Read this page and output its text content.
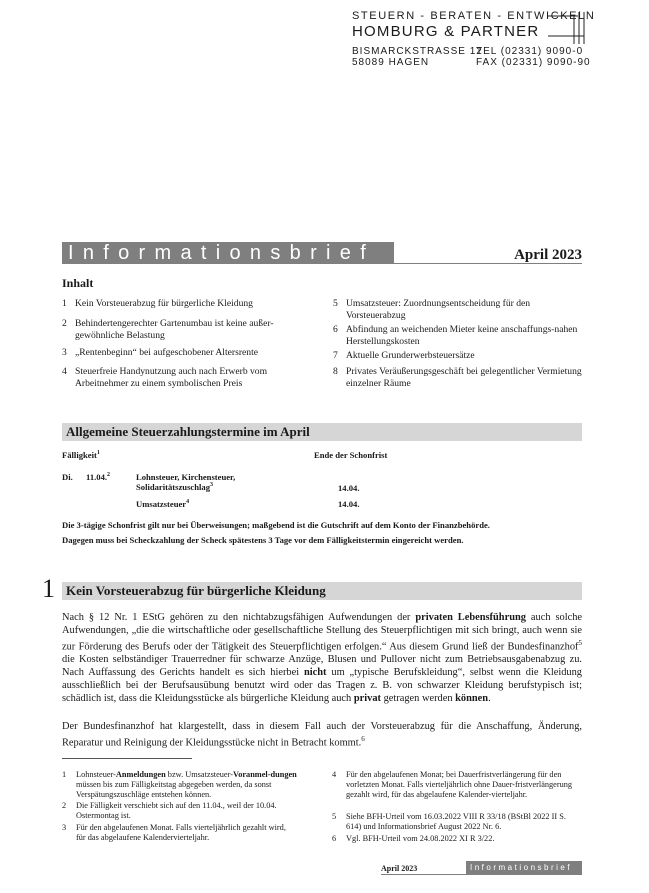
STEUERN - BERATEN - ENTWICKELN
HOMBURG & PARTNER
BISMARCKSTRASSE 12
58089 HAGEN
TEL (02331) 9090-0
FAX (02331) 9090-90
Informationsbrief	April 2023
Inhalt
1 Kein Vorsteuerabzug für bürgerliche Kleidung
2 Behindertengerechter Gartenumbau ist keine außer-gewöhnliche Belastung
3 „Rentenbeginn“ bei aufgeschobener Altersrente
4 Steuerfreie Handynutzung auch nach Erwerb vom Arbeitnehmer zu einem symbolischen Preis
5 Umsatzsteuer: Zuordnungsentscheidung für den Vorsteuerabzug
6 Abfindung an weichenden Mieter keine anschaffungs-nahen Herstellungskosten
7 Aktuelle Grunderwerbsteuersätze
8 Privates Veräußerungsgeschäft bei gelegentlicher Vermietung einzelner Räume
Allgemeine Steuerzahlungstermine im April
Fälligkeit$^1$	Ende der Schonfrist
Di. 11.04.$^2$	Lohnsteuer, Kirchensteuer,
Solidaritätszuschlag$^3$	14.04.
Umsatzsteuer$^4$	14.04.
Die 3-tägige Schonfrist gilt nur bei Überweisungen; maßgebend ist die Gutschrift auf dem Konto der Finanzbehörde.
Dagegen muss bei Scheckzahlung der Scheck spätestens 3 Tage vor dem Fälligkeitstermin eingereicht werden.
1 Kein Vorsteuerabzug für bürgerliche Kleidung
Nach § 12 Nr. 1 EStG gehören zu den nichtabzugsfähigen Aufwendungen der privaten Lebensführung auch solche Aufwendungen, „die die wirtschaftliche oder gesellschaftliche Stellung des Steuerpflichtigen mit sich bringt, auch wenn sie zur Förderung des Berufs oder der Tätigkeit des Steuerpflichtigen erfolgen.“ Aus diesem Grund ließ der Bundesfinanzhof$^5$ die Kosten selbständiger Trauerredner für schwarze Anzüge, Blusen und Pullover nicht zum Betriebsausgabenabzug zu. Nach Auffassung des Gerichts handelt es sich hierbei nicht um „typische Berufskleidung“, selbst wenn die Kleidung ausschließlich bei der Berufsausübung benutzt wird oder das Tragen z. B. von schwarzer Kleidung berufstypisch ist; schädlich ist, dass die Kleidungsstücke als bürgerliche Kleidung auch privat getragen werden können.
Der Bundesfinanzhof hat klargestellt, dass in diesem Fall auch der Vorsteuerabzug für die Anschaffung, Änderung, Reparatur und Reinigung der Kleidungsstücke nicht in Betracht kommt.$^6$
1	Lohnsteuer-Anmeldungen bzw. Umsatzsteuer-Voranmel-dungen müssen bis zum Fälligkeitstag abgegeben werden, da sonst Verspätungszuschläge entstehen können.
2	Die Fälligkeit verschiebt sich auf den 11.04., weil der 10.04. Ostermontag ist.
3	Für den abgelaufenen Monat. Falls vierteljährlich gezahlt wird, für das abgelaufene Kalendervierteljahr.
4	Für den abgelaufenen Monat; bei Dauerfristverlängerung für den vorletzten Monat. Falls vierteljährlich ohne Dauer-fristverlängerung gezahlt wird, für das abgelaufene Kalender-vierteljahr.
5	Siehe BFH-Urteil vom 16.03.2022 VIII R 33/18 (BStBl 2022 II S. 614) und Informationsbrief August 2022 Nr. 6.
6	Vgl. BFH-Urteil vom 24.08.2022 XI R 3/22.
April 2023	Informationsbrief
